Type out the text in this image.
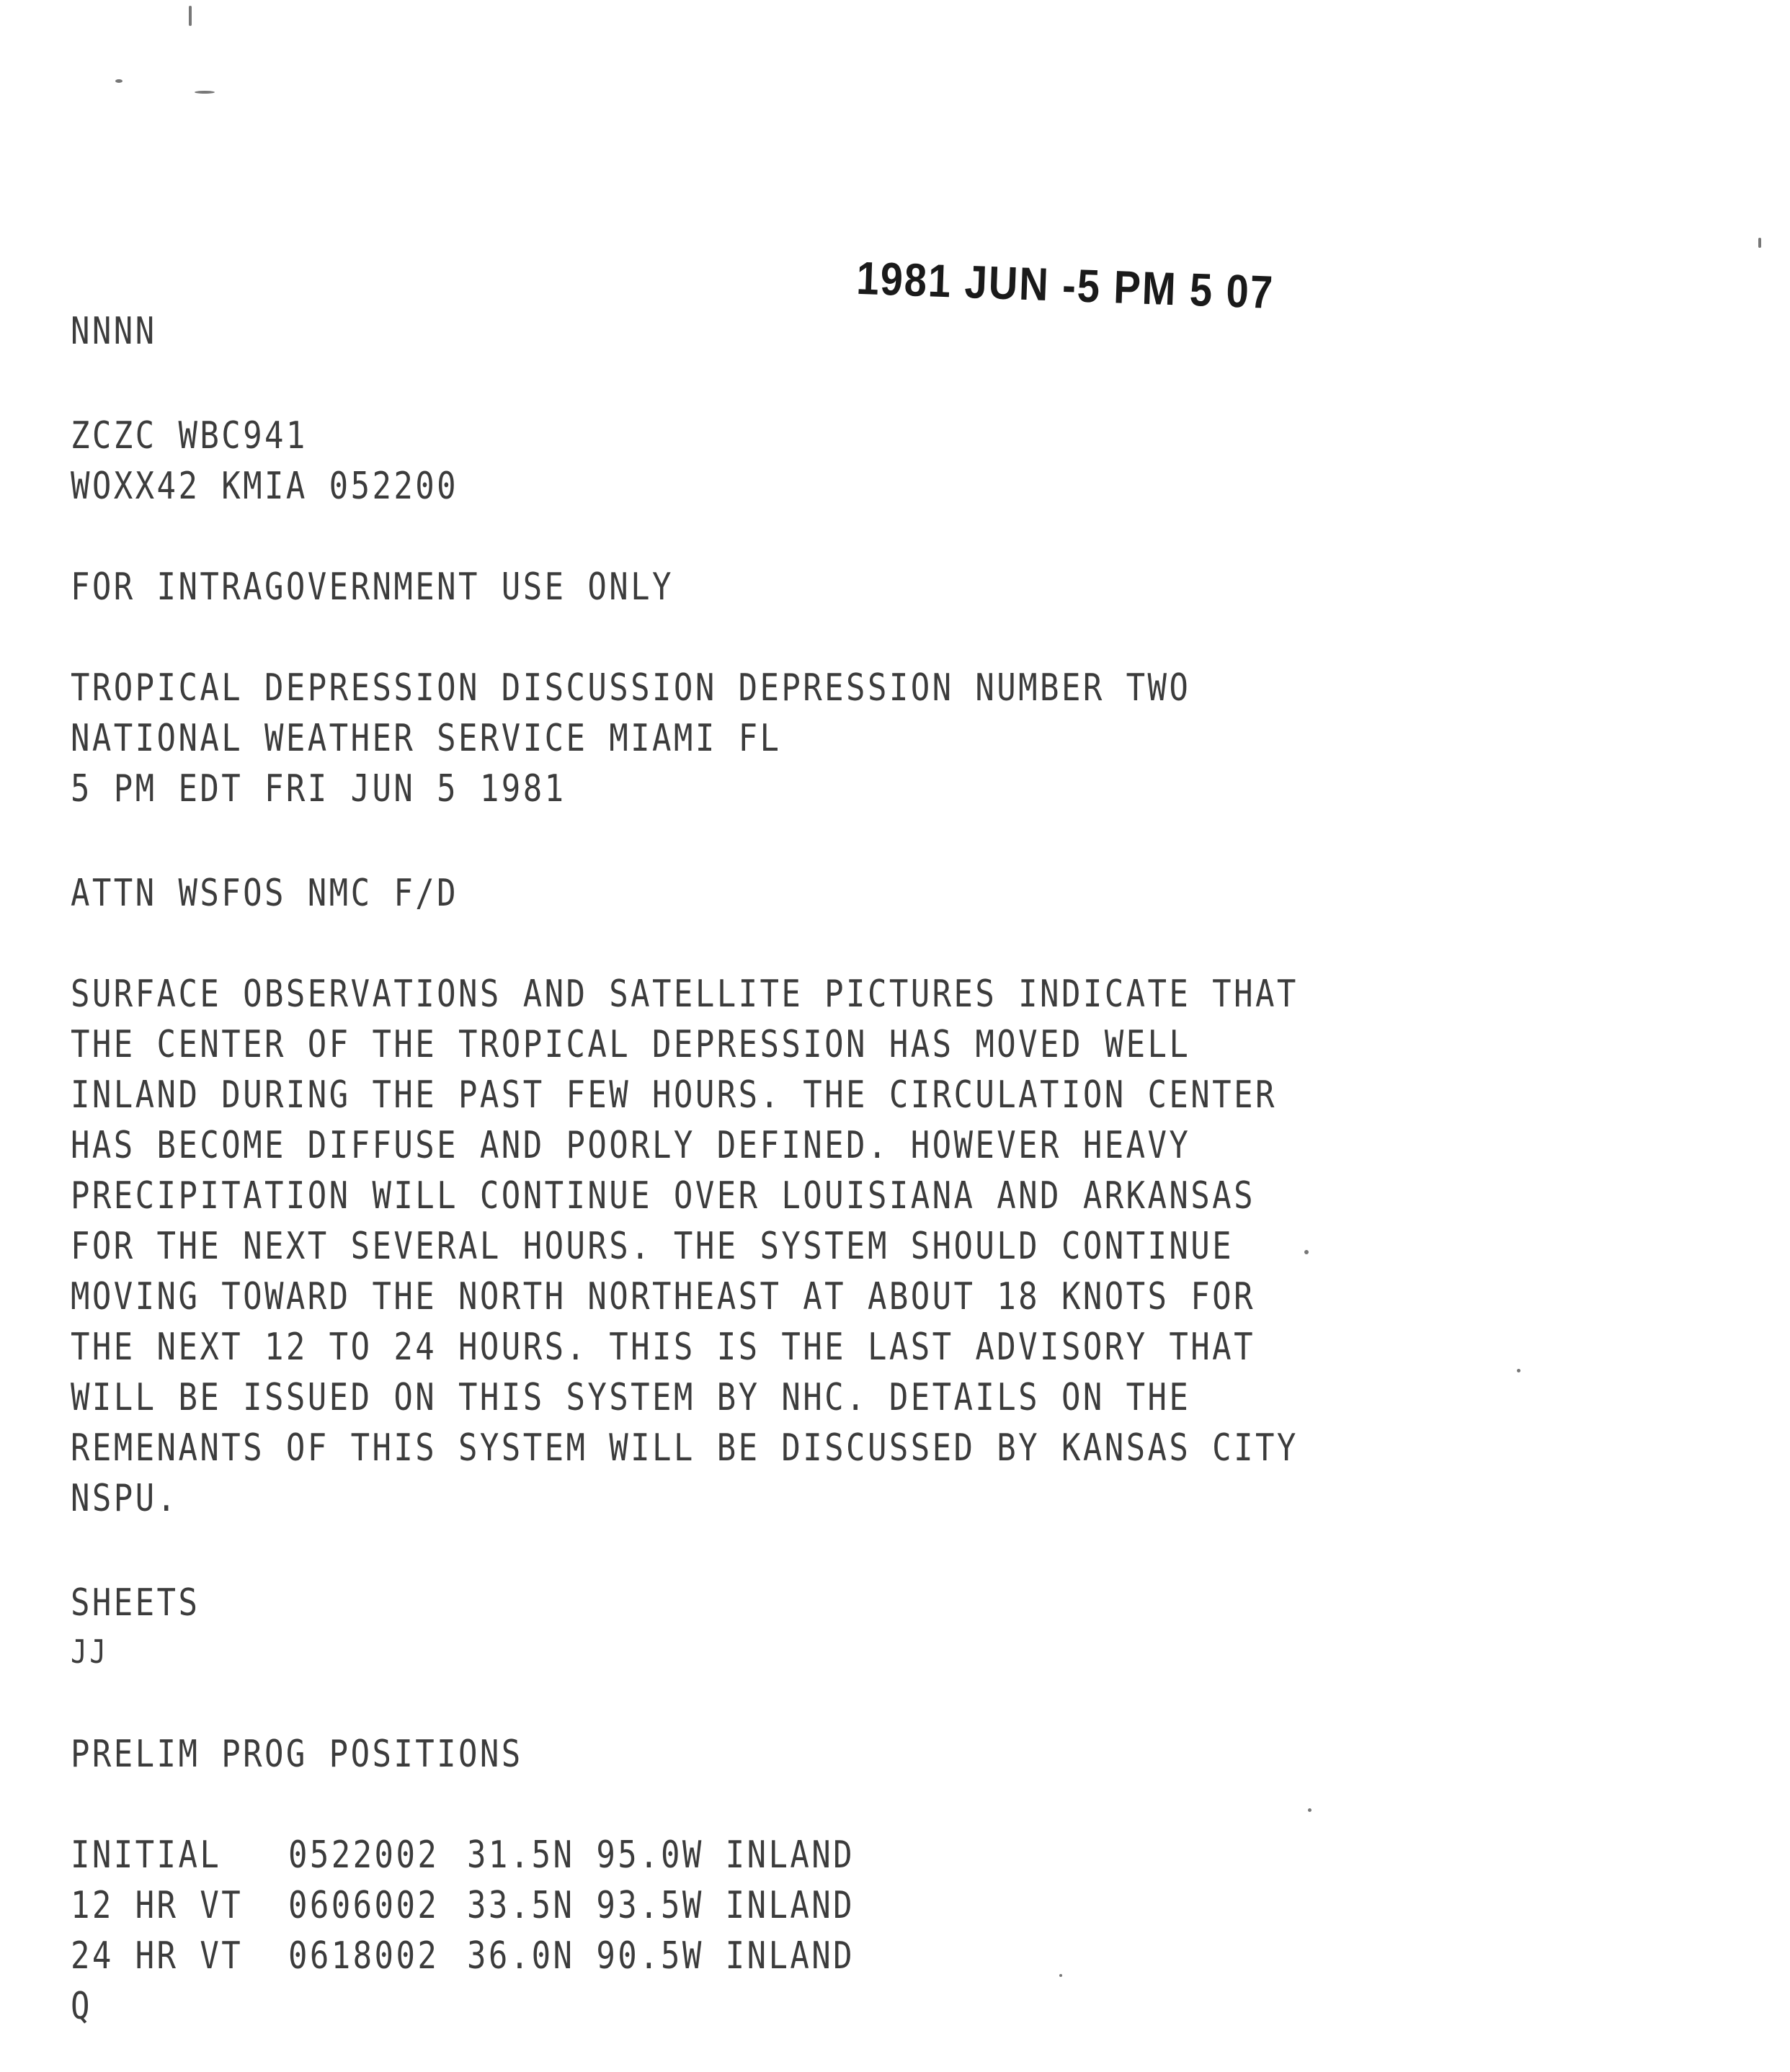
1981 JUN -5 PM 5 07
NNNN
ZCZC WBC941
WOXX42 KMIA 052200
FOR INTRAGOVERNMENT USE ONLY
TROPICAL DEPRESSION DISCUSSION DEPRESSION NUMBER TWO
NATIONAL WEATHER SERVICE MIAMI FL
5 PM EDT FRI JUN 5 1981
ATTN WSFOS NMC F/D
SURFACE OBSERVATIONS AND SATELLITE PICTURES INDICATE THAT
THE CENTER OF THE TROPICAL DEPRESSION HAS MOVED WELL
INLAND DURING THE PAST FEW HOURS. THE CIRCULATION CENTER
HAS BECOME DIFFUSE AND POORLY DEFINED. HOWEVER HEAVY
PRECIPITATION WILL CONTINUE OVER LOUISIANA AND ARKANSAS
FOR THE NEXT SEVERAL HOURS. THE SYSTEM SHOULD CONTINUE
MOVING TOWARD THE NORTH NORTHEAST AT ABOUT 18 KNOTS FOR
THE NEXT 12 TO 24 HOURS. THIS IS THE LAST ADVISORY THAT
WILL BE ISSUED ON THIS SYSTEM BY NHC. DETAILS ON THE
REMENANTS OF THIS SYSTEM WILL BE DISCUSSED BY KANSAS CITY
NSPU.
SHEETS
JJ
PRELIM PROG POSITIONS
INITIAL 0522002 31.5N 95.0W INLAND
12 HR VT 0606002 33.5N 93.5W INLAND
24 HR VT 0618002 36.0N 90.5W INLAND
Q
